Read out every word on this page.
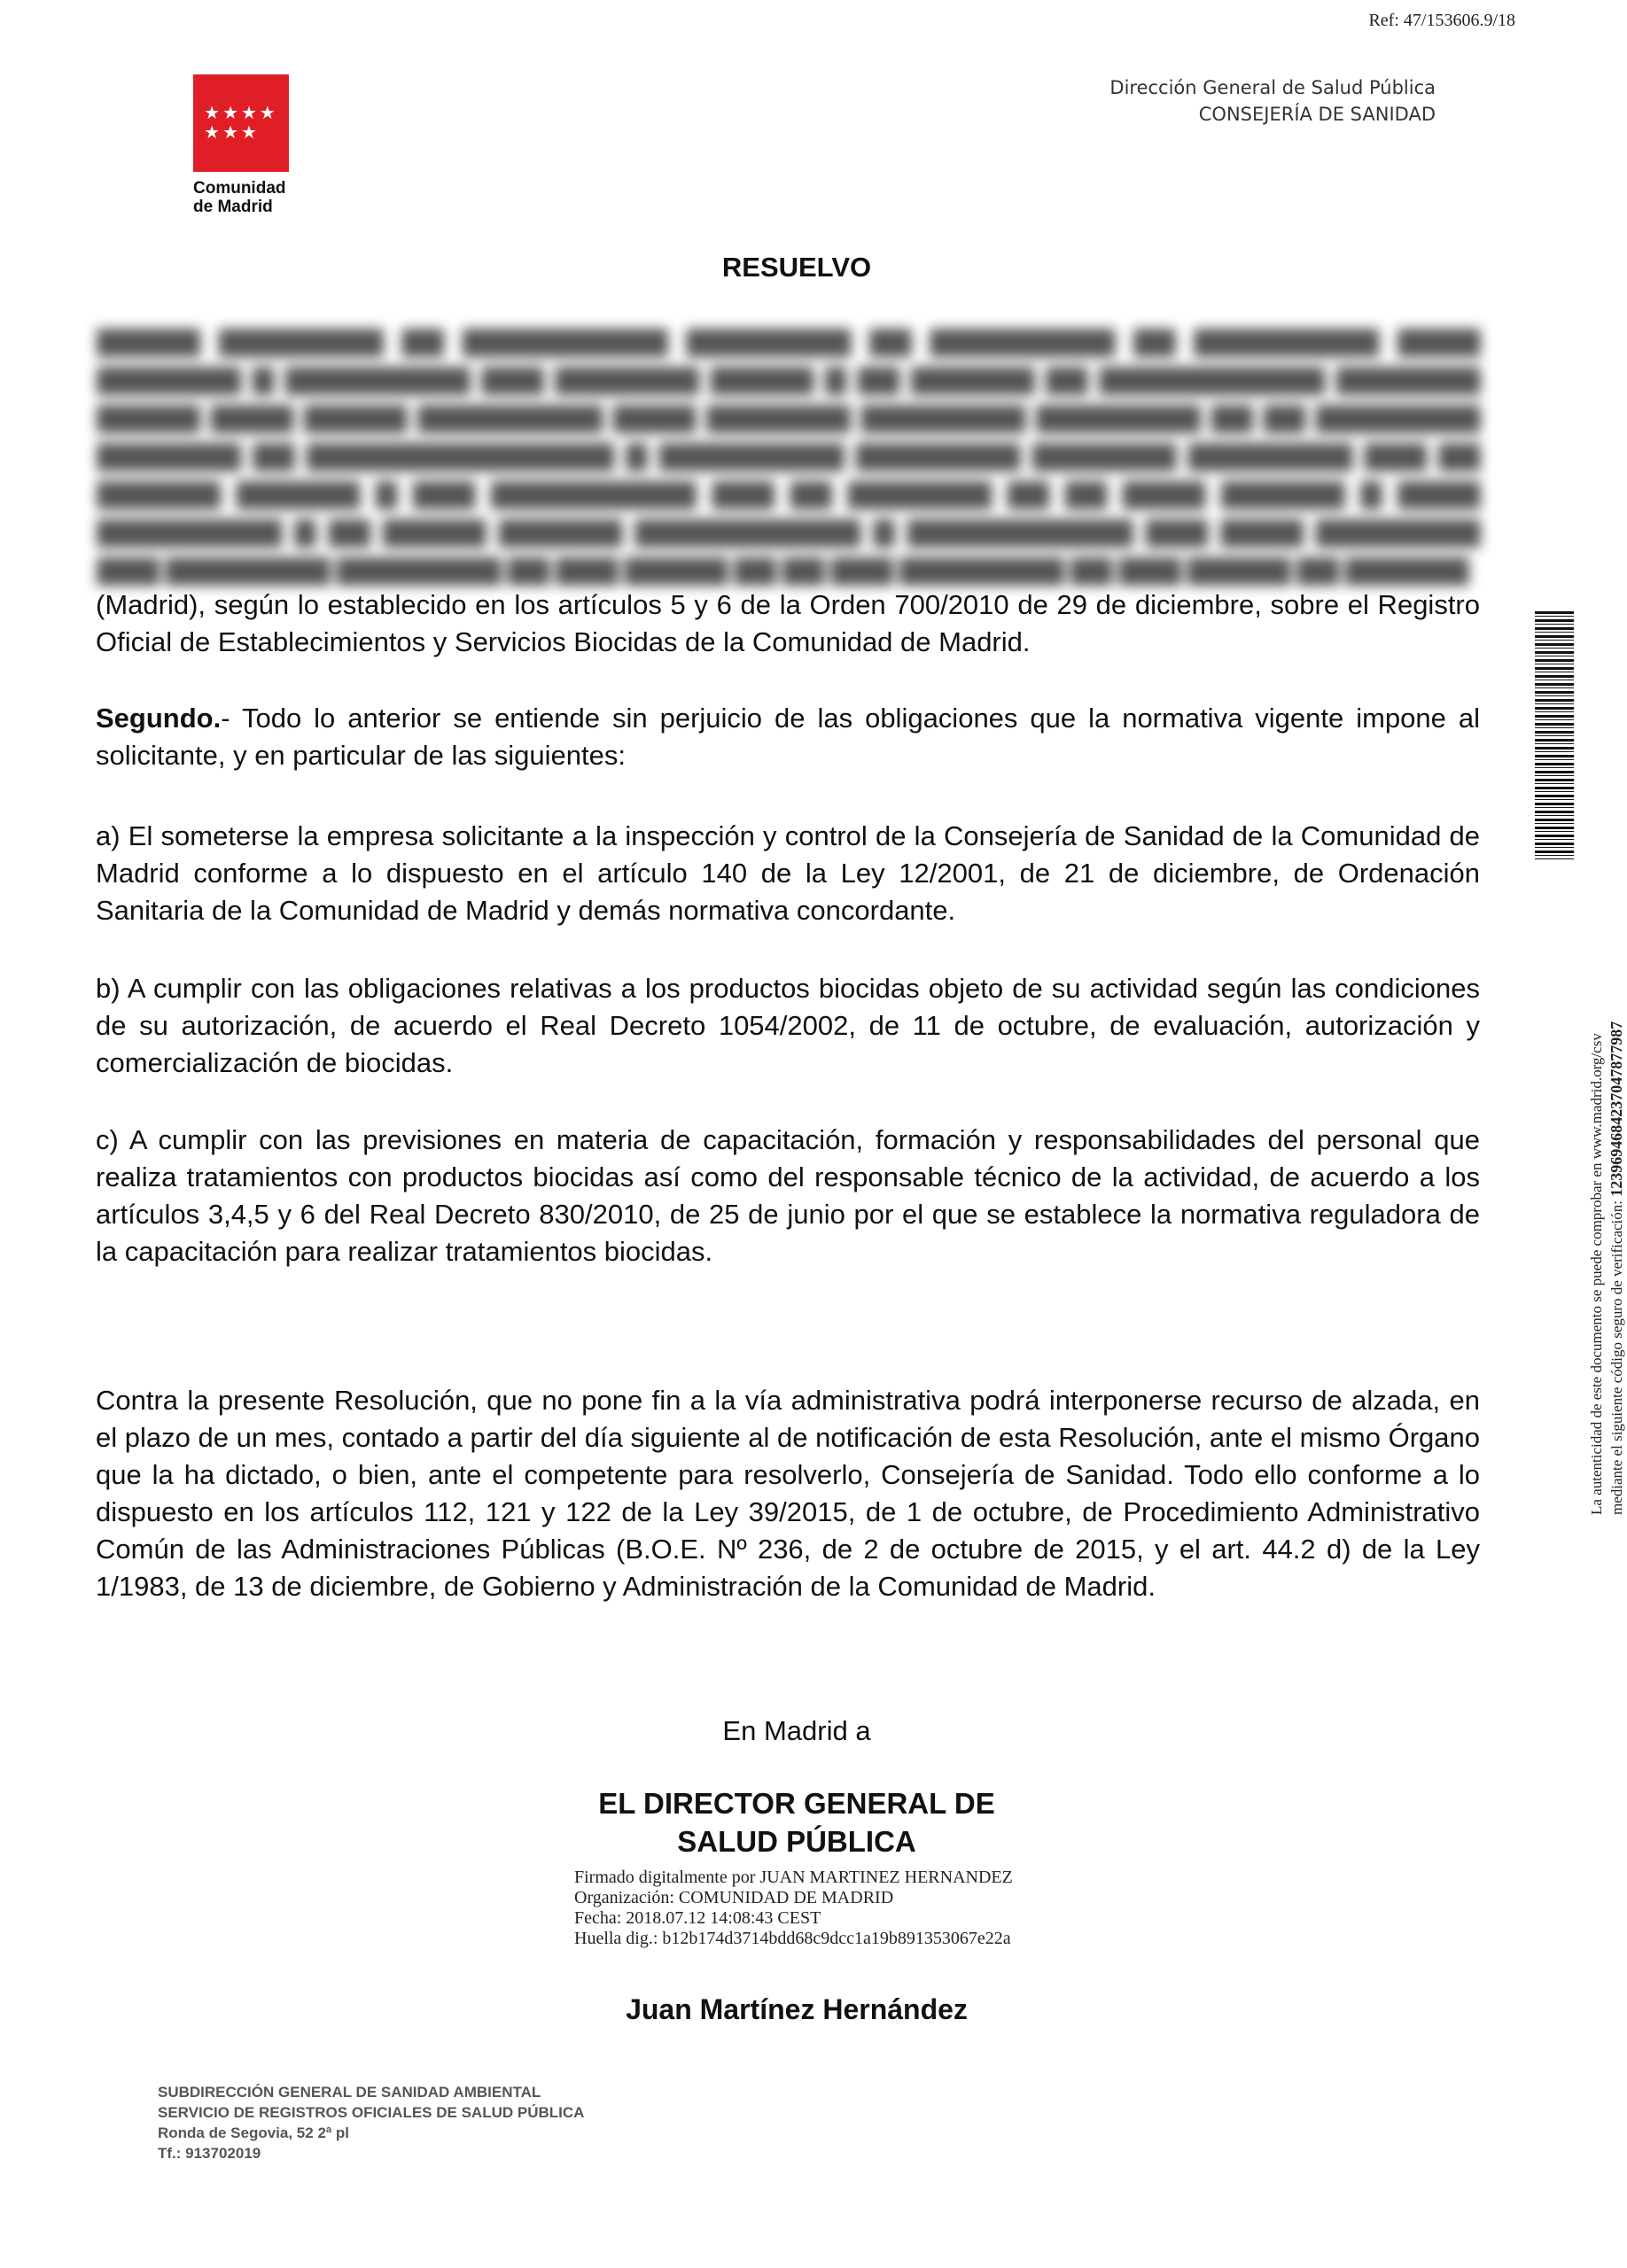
Ref: 47/153606.9/18
★★★★
★★★
Comunidad
de Madrid
Dirección General de Salud Pública
CONSEJERÍA DE SANIDAD
RESUELVO
▇▇▇▇▇ ▇▇▇▇▇▇▇▇ ▇▇ ▇▇▇▇▇▇▇▇▇▇ ▇▇▇▇▇▇▇▇ ▇▇ ▇▇▇▇▇▇▇▇▇ ▇▇ ▇▇▇▇▇▇▇▇▇ ▇▇▇▇ ▇▇▇▇▇▇▇ ▇ ▇▇▇▇▇▇▇▇▇ ▇▇▇ ▇▇▇▇▇▇▇ ▇▇▇▇▇ ▇ ▇▇ ▇▇▇▇▇▇ ▇▇ ▇▇▇▇▇▇▇▇▇▇▇ ▇▇▇▇▇▇▇ ▇▇▇▇▇ ▇▇▇▇ ▇▇▇▇▇ ▇▇▇▇▇▇▇▇▇ ▇▇▇▇ ▇▇▇▇▇▇▇ ▇▇▇▇▇▇▇▇ ▇▇▇▇▇▇▇▇ ▇▇ ▇▇ ▇▇▇▇▇▇▇▇ ▇▇▇▇▇▇▇ ▇▇ ▇▇▇▇▇▇▇▇▇▇▇▇▇▇▇ ▇ ▇▇▇▇▇▇▇▇▇ ▇▇▇▇▇▇▇▇ ▇▇▇▇▇▇▇ ▇▇▇▇▇▇▇▇ ▇▇▇ ▇▇ ▇▇▇▇▇▇ ▇▇▇▇▇▇ ▇ ▇▇▇ ▇▇▇▇▇▇▇▇▇▇ ▇▇▇ ▇▇ ▇▇▇▇▇▇▇ ▇▇ ▇▇ ▇▇▇▇ ▇▇▇▇▇▇ ▇ ▇▇▇▇ ▇▇▇▇▇▇▇▇▇ ▇ ▇▇ ▇▇▇▇▇ ▇▇▇▇▇▇ ▇▇▇▇▇▇▇▇▇▇▇ ▇ ▇▇▇▇▇▇▇▇▇▇▇ ▇▇▇ ▇▇▇▇ ▇▇▇▇▇▇▇▇ ▇▇▇ ▇▇▇▇▇▇▇▇ ▇▇▇▇▇▇▇▇ ▇▇ ▇▇▇ ▇▇▇▇▇ ▇▇ ▇▇ ▇▇▇ ▇▇▇▇▇▇▇▇ ▇▇ ▇▇▇ ▇▇▇▇▇ ▇▇ ▇▇▇▇▇▇

(Madrid), según lo establecido en los artículos 5 y 6 de la Orden 700/2010 de 29 de diciembre, sobre el Registro Oficial de Establecimientos y Servicios Biocidas de la Comunidad de Madrid.

Segundo.- Todo lo anterior se entiende sin perjuicio de las obligaciones que la normativa vigente impone al solicitante, y en particular de las siguientes:

a) El someterse la empresa solicitante a la inspección y control de la Consejería de Sanidad de la Comunidad de Madrid conforme a lo dispuesto en el artículo 140 de la Ley 12/2001, de 21 de diciembre, de Ordenación Sanitaria de la Comunidad de Madrid y demás normativa concordante.

b) A cumplir con las obligaciones relativas a los productos biocidas objeto de su actividad según las condiciones de su autorización, de acuerdo el Real Decreto 1054/2002, de 11 de octubre, de evaluación, autorización y comercialización de biocidas.

c) A cumplir con las previsiones en materia de capacitación, formación y responsabilidades del personal que realiza tratamientos con productos biocidas así como del responsable técnico de la actividad, de acuerdo a los artículos 3,4,5 y 6 del Real Decreto 830/2010, de 25 de junio por el que se establece la normativa reguladora de la capacitación para realizar tratamientos biocidas.

Contra la presente Resolución, que no pone fin a la vía administrativa podrá interponerse recurso de alzada, en el plazo de un mes, contado a partir del día siguiente al de notificación de esta Resolución, ante el mismo Órgano que la ha dictado, o bien, ante el competente para resolverlo, Consejería de Sanidad. Todo ello conforme a lo dispuesto en los artículos 112, 121 y 122 de la Ley 39/2015, de 1 de octubre, de Procedimiento Administrativo Común de las Administraciones Públicas (B.O.E. Nº 236, de 2 de octubre de 2015, y el art. 44.2 d) de la Ley 1/1983, de 13 de diciembre, de Gobierno y Administración de la Comunidad de Madrid.

En Madrid a
EL DIRECTOR GENERAL DE
SALUD PÚBLICA
Firmado digitalmente por JUAN MARTINEZ HERNANDEZ
Organización: COMUNIDAD DE MADRID
Fecha: 2018.07.12 14:08:43 CEST
Huella dig.: b12b174d3714bdd68c9dcc1a19b891353067e22a
Juan Martínez Hernández
SUBDIRECCIÓN GENERAL DE SANIDAD AMBIENTAL
SERVICIO DE REGISTROS OFICIALES DE SALUD PÚBLICA
Ronda de Segovia, 52 2ª pl
Tf.: 913702019
La autenticidad de este documento se puede comprobar en www.madrid.org/csv mediante el siguiente código seguro de verificación: 1239694684237047877987
